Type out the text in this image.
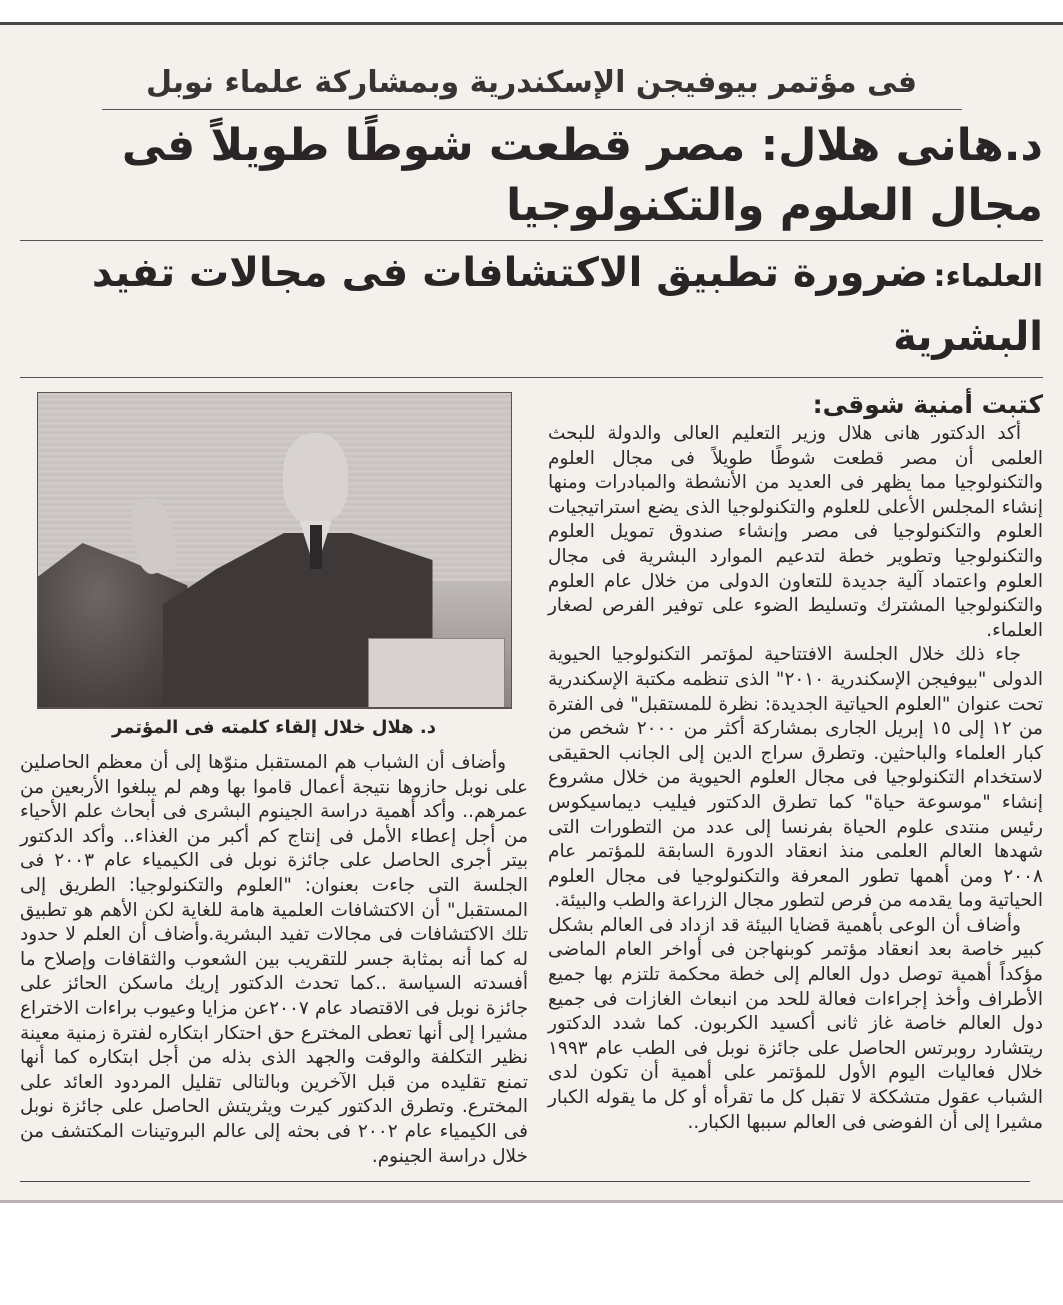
فى مؤتمر بيوفيجن الإسكندرية وبمشاركة علماء نوبل
د.هانى هلال: مصر قطعت شوطًا طويلاً فى مجال العلوم والتكنولوجيا
العلماء: ضرورة تطبيق الاكتشافات فى مجالات تفيد البشرية
كتبت أمنية شوقى:

أكد الدكتور هانى هلال وزير التعليم العالى والدولة للبحث العلمى أن مصر قطعت شوطًا طويلاً فى مجال العلوم والتكنولوجيا مما يظهر فى العديد من الأنشطة والمبادرات ومنها إنشاء المجلس الأعلى للعلوم والتكنولوجيا الذى يضع استراتيجيات العلوم والتكنولوجيا فى مصر وإنشاء صندوق تمويل العلوم والتكنولوجيا وتطوير خطة لتدعيم الموارد البشرية فى مجال العلوم واعتماد آلية جديدة للتعاون الدولى من خلال عام العلوم والتكنولوجيا المشترك وتسليط الضوء على توفير الفرص لصغار العلماء.

جاء ذلك خلال الجلسة الافتتاحية لمؤتمر التكنولوجيا الحيوية الدولى "بيوفيجن الإسكندرية ٢٠١٠" الذى تنظمه مكتبة الإسكندرية تحت عنوان "العلوم الحياتية الجديدة: نظرة للمستقبل" فى الفترة من ١٢ إلى ١٥ إبريل الجارى بمشاركة أكثر من ٢٠٠٠ شخص من كبار العلماء والباحثين. وتطرق سراج الدين إلى الجانب الحقيقى لاستخدام التكنولوجيا فى مجال العلوم الحيوية من خلال مشروع إنشاء "موسوعة حياة" كما تطرق الدكتور فيليب ديماسيكوس رئيس منتدى علوم الحياة بفرنسا إلى عدد من التطورات التى شهدها العالم العلمى منذ انعقاد الدورة السابقة للمؤتمر عام ٢٠٠٨ ومن أهمها تطور المعرفة والتكنولوجيا فى مجال العلوم الحياتية وما يقدمه من فرص لتطور مجال الزراعة والطب والبيئة.

وأضاف أن الوعى بأهمية قضايا البيئة قد ازداد فى العالم بشكل كبير خاصة بعد انعقاد مؤتمر كوبنهاجن فى أواخر العام الماضى مؤكداً أهمية توصل دول العالم إلى خطة محكمة تلتزم بها جميع الأطراف وأخذ إجراءات فعالة للحد من انبعاث الغازات فى جميع دول العالم خاصة غاز ثانى أكسيد الكربون. كما شدد الدكتور ريتشارد روبرتس الحاصل على جائزة نوبل فى الطب عام ١٩٩٣ خلال فعاليات اليوم الأول للمؤتمر على أهمية أن تكون لدى الشباب عقول متشككة لا تقبل كل ما تقرأه أو كل ما يقوله الكبار مشيرا إلى أن الفوضى فى العالم سببها الكبار..

د. هلال خلال إلقاء كلمته فى المؤتمر

وأضاف أن الشباب هم المستقبل منوّها إلى أن معظم الحاصلين على نوبل حازوها نتيجة أعمال قاموا بها وهم لم يبلغوا الأربعين من عمرهم.. وأكد أهمية دراسة الجينوم البشرى فى أبحاث علم الأحياء من أجل إعطاء الأمل فى إنتاج كم أكبر من الغذاء.. وأكد الدكتور بيتر أجرى الحاصل على جائزة نوبل فى الكيمياء عام ٢٠٠٣ فى الجلسة التى جاءت بعنوان: "العلوم والتكنولوجيا: الطريق إلى المستقبل" أن الاكتشافات العلمية هامة للغاية لكن الأهم هو تطبيق تلك الاكتشافات فى مجالات تفيد البشرية.وأضاف أن العلم لا حدود له كما أنه بمثابة جسر للتقريب بين الشعوب والثقافات وإصلاح ما أفسدته السياسة ..كما تحدث الدكتور إريك ماسكن الحائز على جائزة نوبل فى الاقتصاد عام ٢٠٠٧عن مزايا وعيوب براءات الاختراع مشيرا إلى أنها تعطى المخترع حق احتكار ابتكاره لفترة زمنية معينة نظير التكلفة والوقت والجهد الذى بذله من أجل ابتكاره كما أنها تمنع تقليده من قبل الآخرين وبالتالى تقليل المردود العائد على المخترع. وتطرق الدكتور كيرت ويثريتش الحاصل على جائزة نوبل فى الكيمياء عام ٢٠٠٢ فى بحثه إلى عالم البروتينات المكتشف من خلال دراسة الجينوم.
